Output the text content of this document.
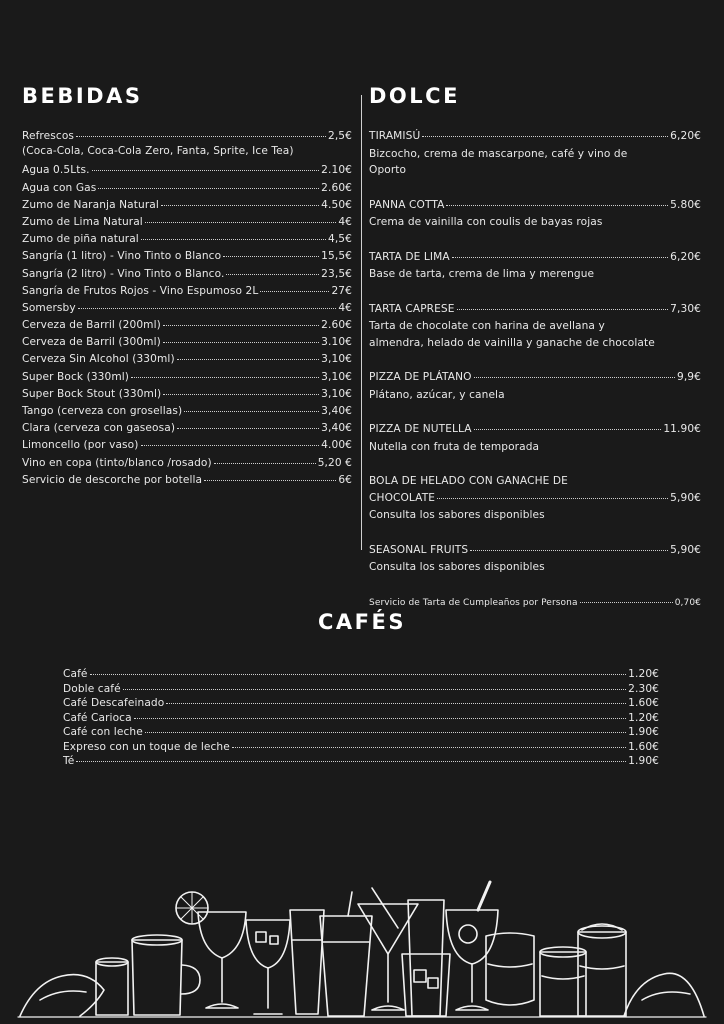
BEBIDAS	DOLCE
Refrescos	2,5€
(Coca-Cola, Coca-Cola Zero, Fanta, Sprite, Ice Tea)
Agua 0.5Lts.	2.10€
Agua con Gas	2.60€
Zumo de Naranja Natural	4.50€
Zumo de Lima Natural	4€
Zumo de piña natural	4,5€
Sangría (1 litro) - Vino Tinto o Blanco	15,5€
Sangría (2 litro) - Vino Tinto o Blanco.	23,5€
Sangría de Frutos Rojos - Vino Espumoso 2L	27€
Somersby	4€
Cerveza de Barril (200ml)	2.60€
Cerveza de Barril (300ml)	3.10€
Cerveza Sin Alcohol (330ml)	3,10€
Super Bock (330ml)	3,10€
Super Bock Stout (330ml)	3,10€
Tango (cerveza con grosellas)	3,40€
Clara (cerveza con gaseosa)	3,40€
Limoncello (por vaso)	4.00€
Vino en copa (tinto/blanco /rosado)	5,20 €
Servicio de descorche por botella	6€
TIRAMISÚ	6,20€
Bizcocho, crema de mascarpone, café y vino de
Oporto
PANNA COTTA	5.80€
Crema de vainilla con coulis de bayas rojas
TARTA DE LIMA	6,20€
Base de tarta, crema de lima y merengue
TARTA CAPRESE	7,30€
Tarta de chocolate con harina de avellana y
almendra, helado de vainilla y ganache de chocolate
PIZZA DE PLÁTANO	9,9€
Plátano, azúcar, y canela
PIZZA DE NUTELLA	11.90€
Nutella con fruta de temporada
BOLA DE HELADO CON GANACHE DE
CHOCOLATE	5,90€
Consulta los sabores disponibles
SEASONAL FRUITS	5,90€
Consulta los sabores disponibles
Servicio de Tarta de Cumpleaños por Persona	0,70€
CAFÉS
Café	1.20€
Doble café	2.30€
Café Descafeinado	1.60€
Café Carioca	1.20€
Café con leche	1.90€
Expreso con un toque de leche	1.60€
Té	1.90€
